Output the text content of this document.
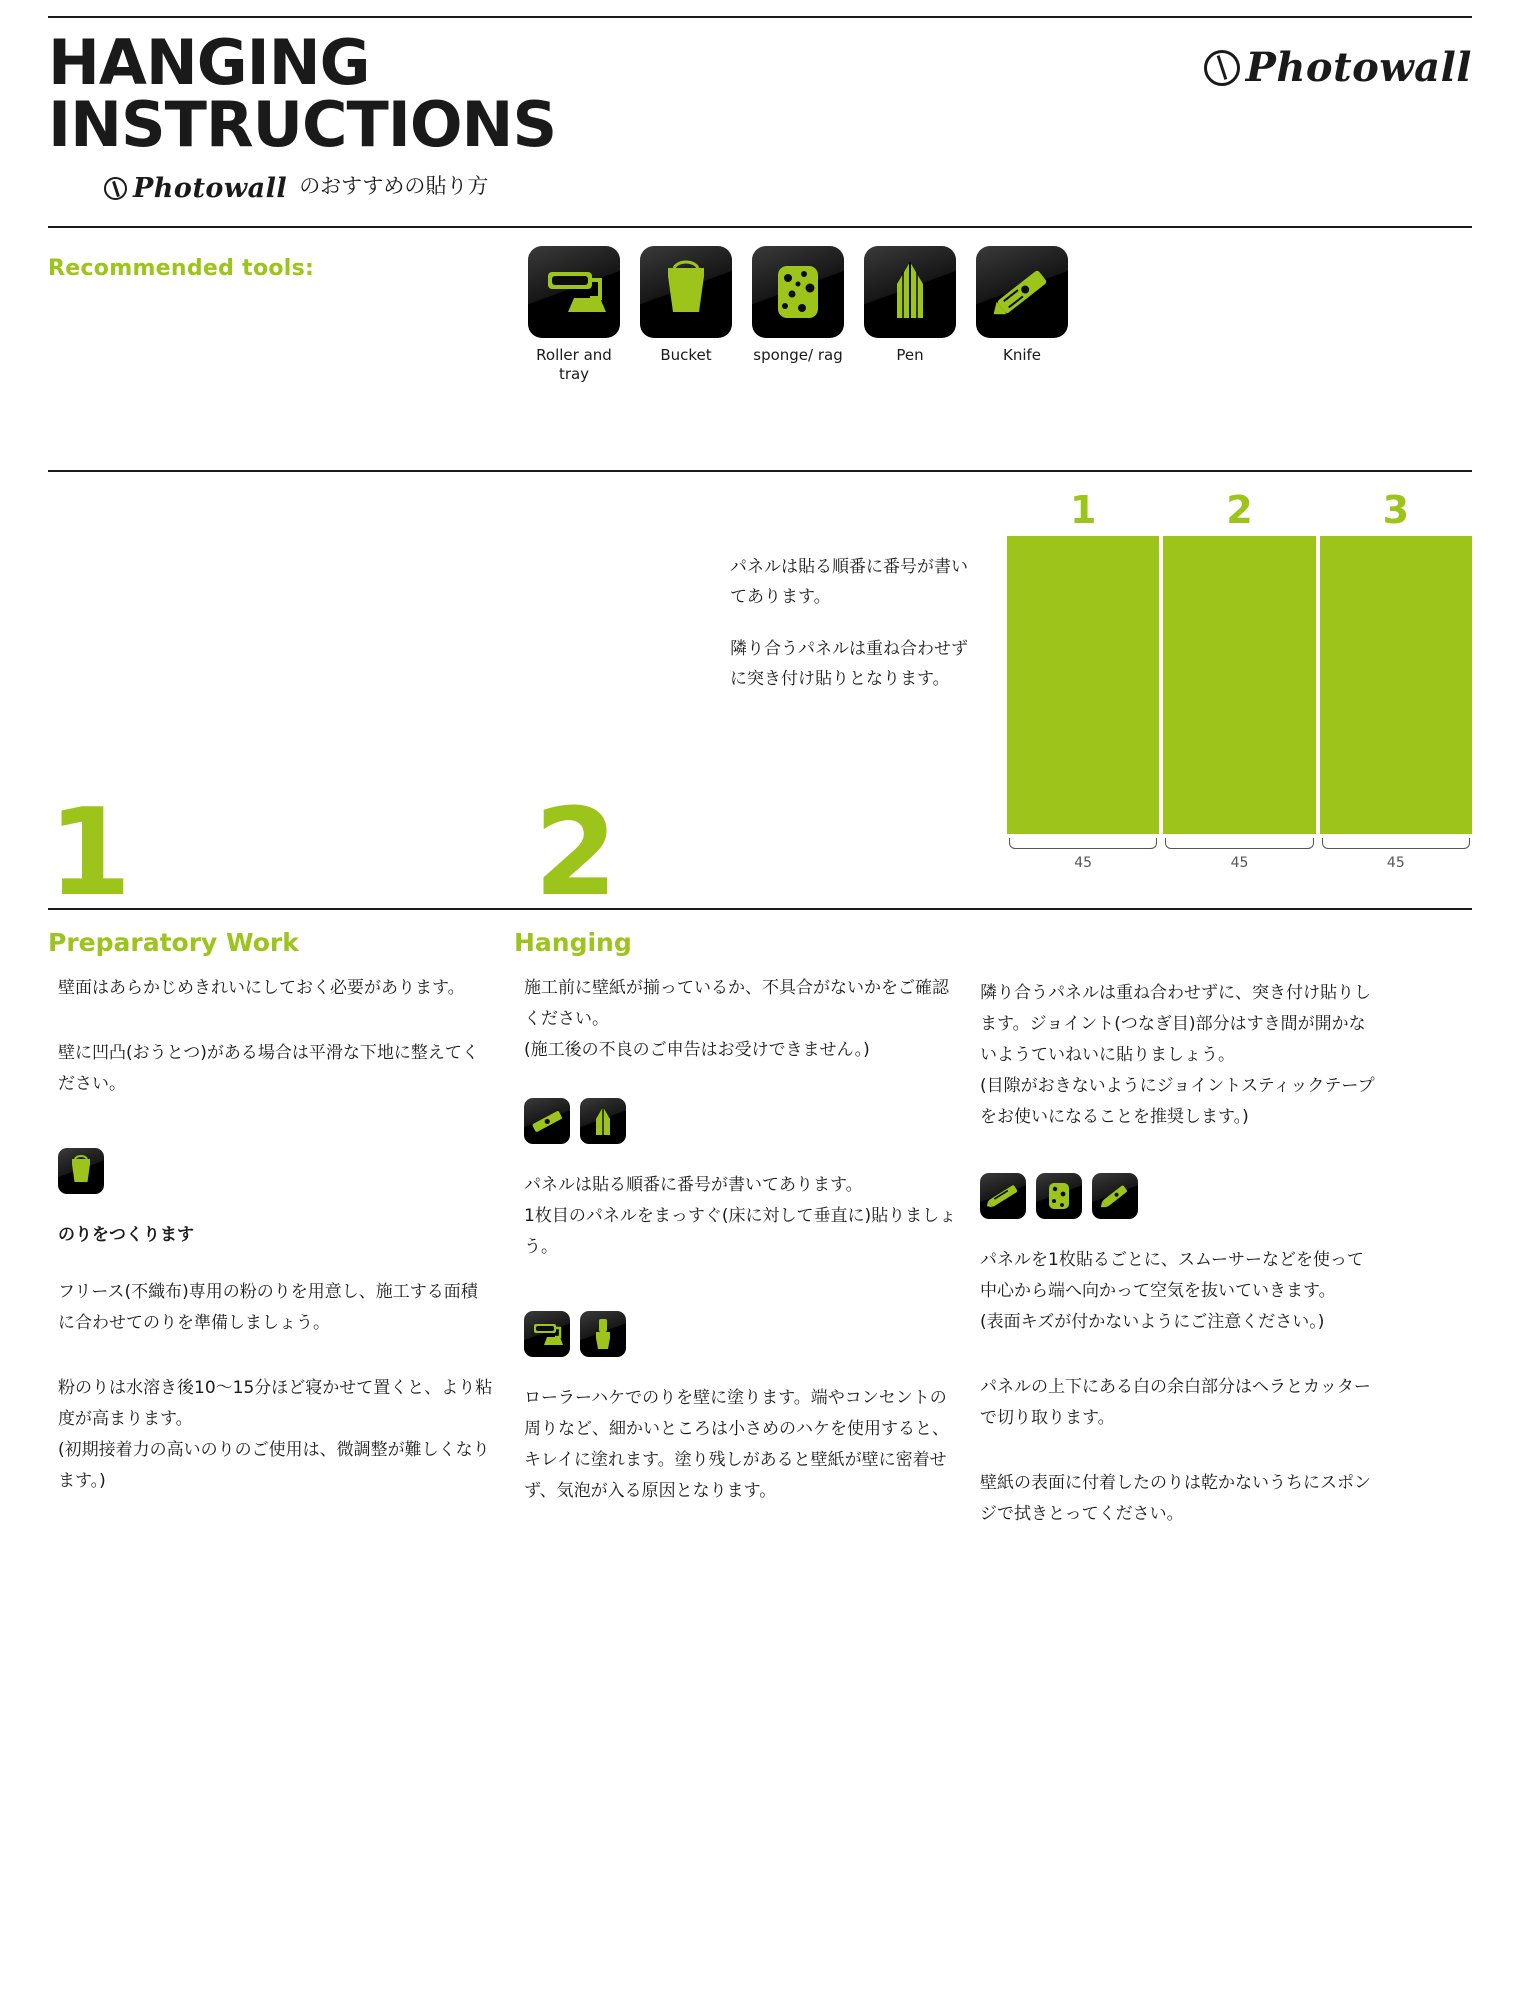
HANGING
INSTRUCTIONS
Photowall
Photowall のおすすめの貼り方
Recommended tools:
Roller and tray
Bucket	sponge/ rag	Pen	Knife
1	2

パネルは貼る順番に番号が書いてあります。

隣り合うパネルは重ね合わせずに突き付け貼りとなります。

1	2	3
45	45	45
Preparatory Work

壁面はあらかじめきれいにしておく必要があります。

壁に凹凸(おうとつ)がある場合は平滑な下地に整えてください。

のりをつくります

フリース(不織布)専用の粉のりを用意し、施工する面積に合わせてのりを準備しましょう。

粉のりは水溶き後10〜15分ほど寝かせて置くと、より粘度が高まります。

(初期接着力の高いのりのご使用は、微調整が難しくなります。)

Hanging

施工前に壁紙が揃っているか、不具合がないかをご確認ください。

(施工後の不良のご申告はお受けできません。)

パネルは貼る順番に番号が書いてあります。

1枚目のパネルをまっすぐ(床に対して垂直に)貼りましょう。

ローラーハケでのりを壁に塗ります。端やコンセントの周りなど、細かいところは小さめのハケを使用すると、キレイに塗れます。塗り残しがあると壁紙が壁に密着せず、気泡が入る原因となります。

隣り合うパネルは重ね合わせずに、突き付け貼りします。ジョイント(つなぎ目)部分はすき間が開かないようていねいに貼りましょう。

(目隙がおきないようにジョイントスティックテープをお使いになることを推奨します。)

パネルを1枚貼るごとに、スムーサーなどを使って中心から端へ向かって空気を抜いていきます。

(表面キズが付かないようにご注意ください。)

パネルの上下にある白の余白部分はヘラとカッターで切り取ります。

壁紙の表面に付着したのりは乾かないうちにスポンジで拭きとってください。
